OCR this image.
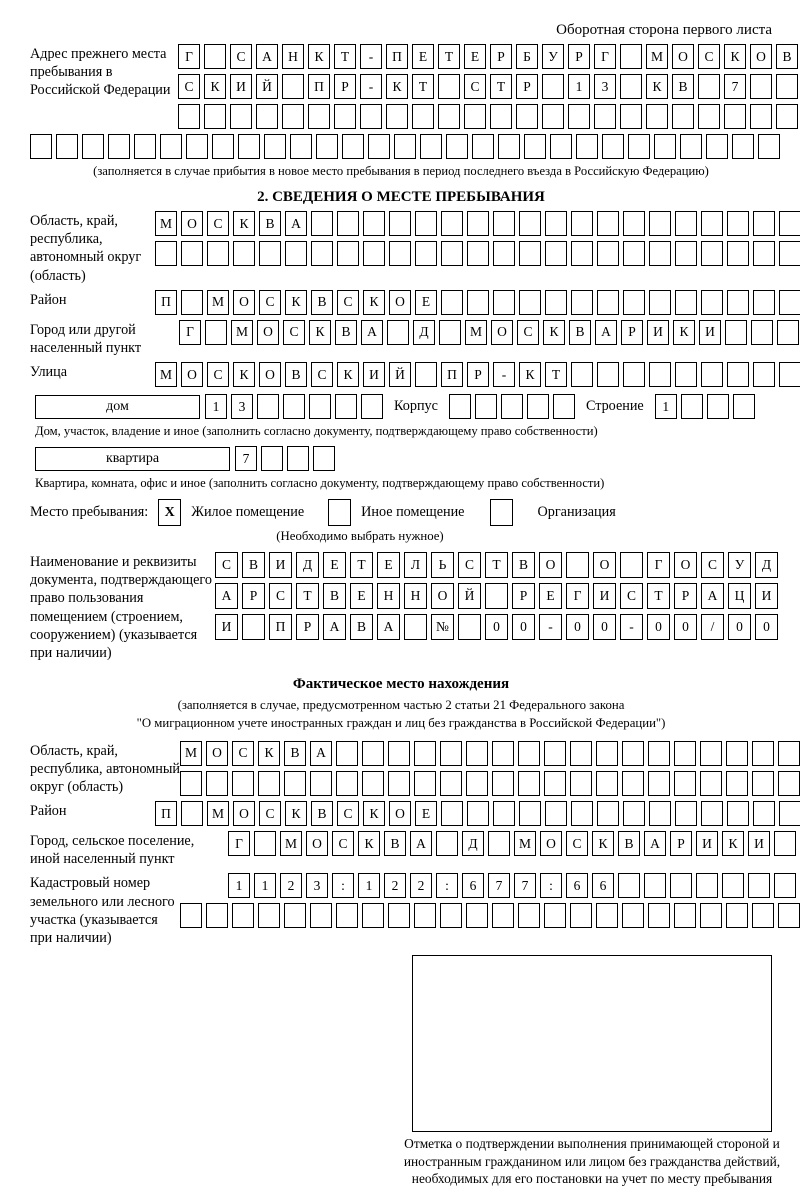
Оборотная сторона первого листа
Адрес прежнего места пребывания в Российской Федерации
Г	С	А	Н	К	Т	-	П	Е	Т	Е	Р	Б	У	Р	Г	М	О	С	К	О	В
С	К	И	Й	П	Р	-	К	Т	С	Т	Р	1	3	К	В	7
(заполняется в случае прибытия в новое место пребывания в период последнего въезда в Российскую Федерацию)
2. СВЕДЕНИЯ О МЕСТЕ ПРЕБЫВАНИЯ
Область, край, республика, автономный округ (область)
М	О	С	К	В	А
Район	П	М	О	С	К	В	С	К	О	Е
Город или другой населенный пункт
Г	М	О	С	К	В	А	Д	М	О	С	К	В	А	Р	И	К	И
Улица	М	О	С	К	О	В	С	К	И	Й	П	Р	-	К	Т
дом	1	3	Корпус	Строение	1
Дом, участок, владение и иное (заполнить согласно документу, подтверждающему право собственности)
квартира	7
Квартира, комната, офис и иное (заполнить согласно документу, подтверждающему право собственности)
Место пребывания:	X	Жилое помещение	Иное помещение	Организация
(Необходимо выбрать нужное)
Наименование и реквизиты документа, подтверждающего право пользования помещением (строением, сооружением) (указывается при наличии)
С	В	И	Д	Е	Т	Е	Л	Ь	С	Т	В	О	О	Г	О	С	У	Д
А	Р	С	Т	В	Е	Н	Н	О	Й	Р	Е	Г	И	С	Т	Р	А	Ц	И
И	П	Р	А	В	А	№	0	0	-	0	0	-	0	0	/	0	0
Фактическое место нахождения
(заполняется в случае, предусмотренном частью 2 статьи 21 Федерального закона
"О миграционном учете иностранных граждан и лиц без гражданства в Российской Федерации")
Область, край, республика, автономный округ (область)
М	О	С	К	В	А
Район	П	М	О	С	К	В	С	К	О	Е
Город, сельское поселение, иной населенный пункт
Г	М	О	С	К	В	А	Д	М	О	С	К	В	А	Р	И	К	И
Кадастровый номер земельного или лесного участка (указывается при наличии)
1	1	2	3	:	1	2	2	:	6	7	7	:	6	6
Отметка о подтверждении выполнения принимающей стороной и иностранным гражданином или лицом без гражданства действий, необходимых для его постановки на учет по месту пребывания
